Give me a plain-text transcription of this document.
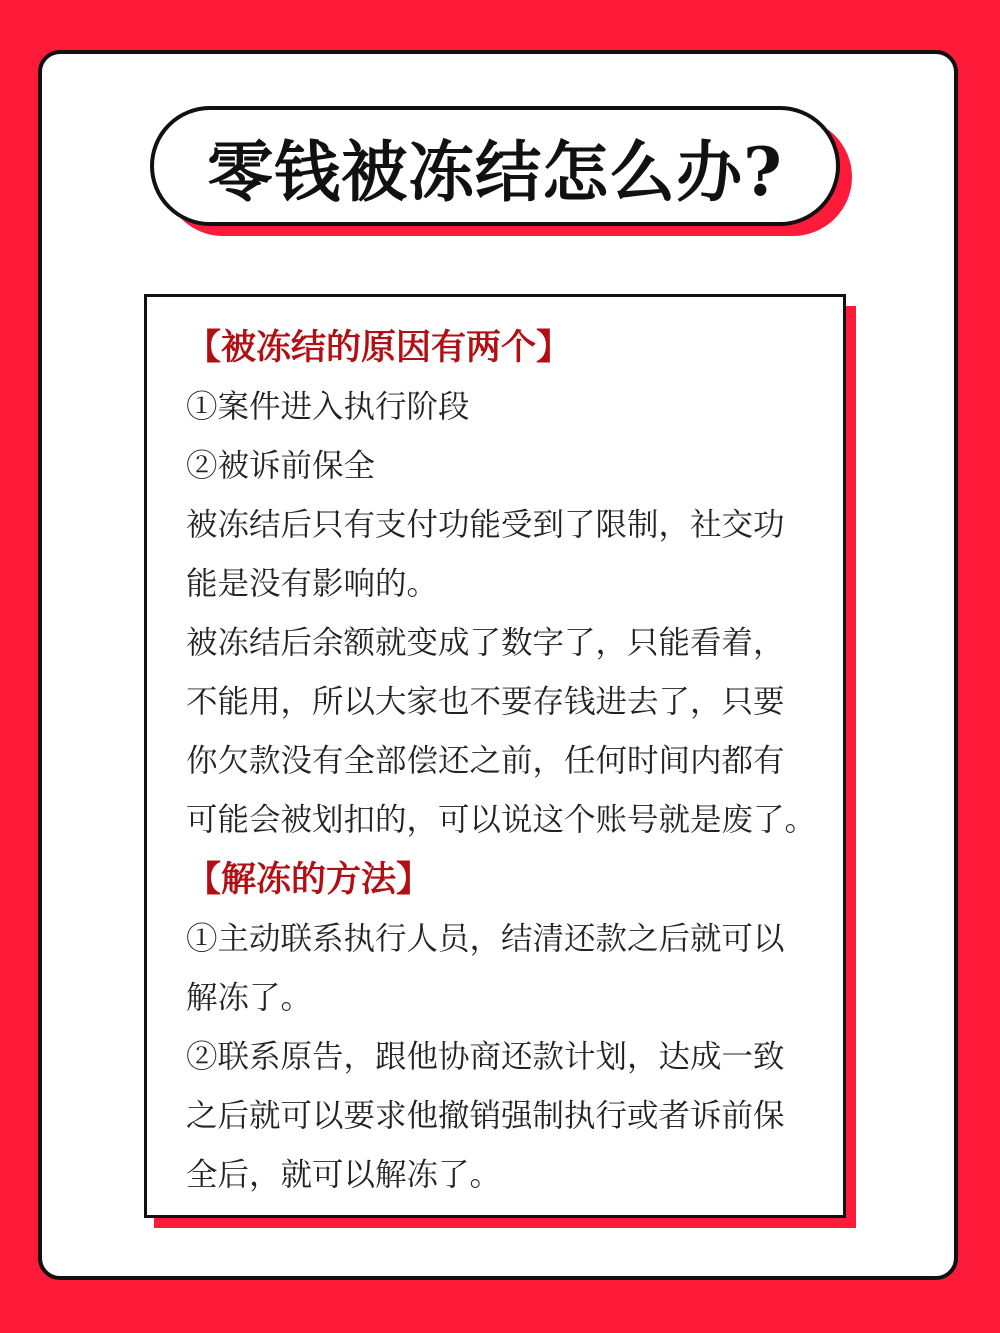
零钱被冻结怎么办?
【被冻结的原因有两个】
①案件进入执行阶段
②被诉前保全
被冻结后只有支付功能受到了限制，社交功
能是没有影响的。
被冻结后余额就变成了数字了，只能看着，
不能用，所以大家也不要存钱进去了，只要
你欠款没有全部偿还之前，任何时间内都有
可能会被划扣的，可以说这个账号就是废了。
【解冻的方法】
①主动联系执行人员，结清还款之后就可以
解冻了。
②联系原告，跟他协商还款计划，达成一致
之后就可以要求他撤销强制执行或者诉前保
全后，就可以解冻了。
